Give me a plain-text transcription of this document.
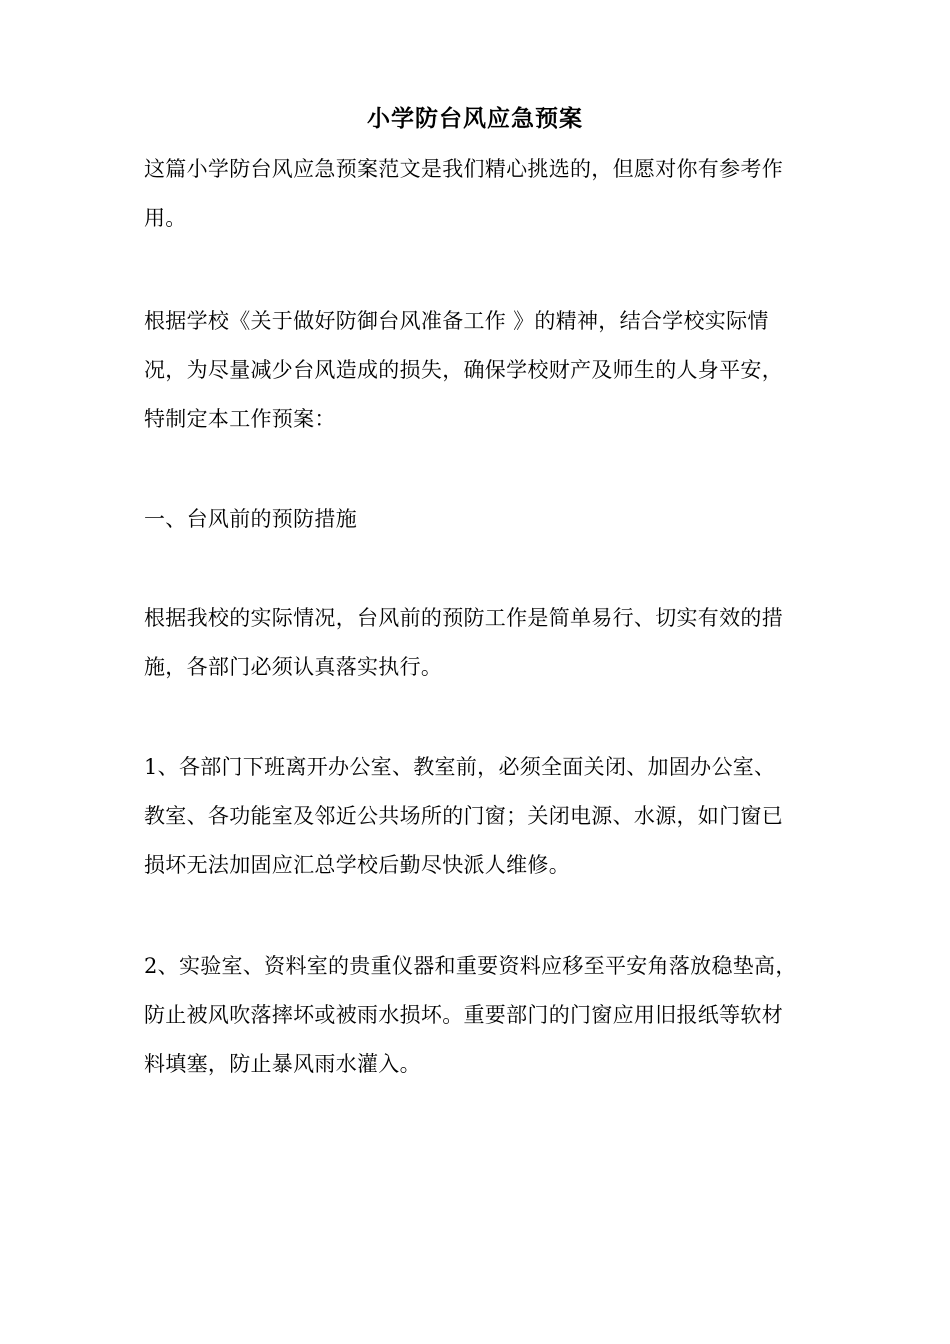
小学防台风应急预案
这篇小学防台风应急预案范文是我们精心挑选的，但愿对你有参考作
用。
根据学校《关于做好防御台风准备工作 》的精神，结合学校实际情
况，为尽量减少台风造成的损失，确保学校财产及师生的人身平安，
特制定本工作预案：
一、台风前的预防措施
根据我校的实际情况，台风前的预防工作是简单易行、切实有效的措
施，各部门必须认真落实执行。
1、各部门下班离开办公室、教室前，必须全面关闭、加固办公室、
教室、各功能室及邻近公共场所的门窗；关闭电源、水源，如门窗已
损坏无法加固应汇总学校后勤尽快派人维修。
2、实验室、资料室的贵重仪器和重要资料应移至平安角落放稳垫高，
防止被风吹落摔坏或被雨水损坏。重要部门的门窗应用旧报纸等软材
料填塞，防止暴风雨水灌入。
